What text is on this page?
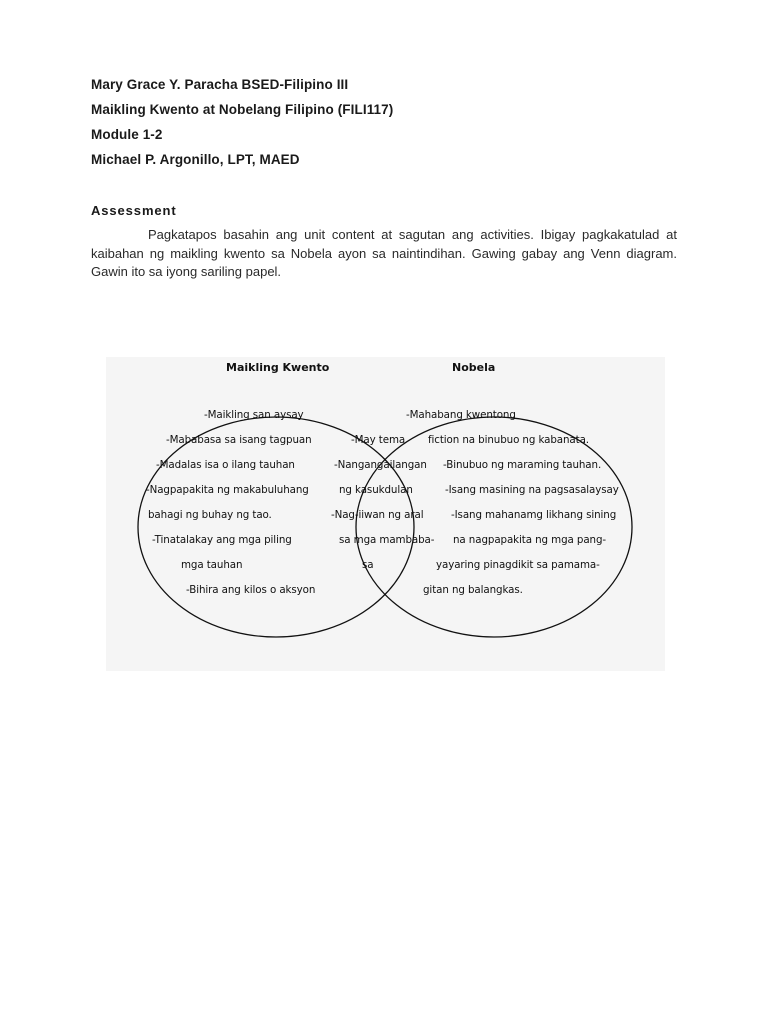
Mary Grace Y. Paracha BSED-Filipino III
Maikling Kwento at Nobelang Filipino (FILI117)
Module 1-2
Michael P. Argonillo, LPT, MAED
Assessment
Pagkatapos basahin ang unit content at sagutan ang activities. Ibigay pagkakatulad at kaibahan ng maikling kwento sa Nobela ayon sa naintindihan. Gawing gabay ang Venn diagram. Gawin ito sa iyong sariling papel.
Maikling Kwento	Nobela
-Maikling san aysay
-Mababasa sa isang tagpuan
-Madalas isa o ilang tauhan
-Nagpapakita ng makabuluhang
bahagi ng buhay ng tao.
-Tinatalakay ang mga piling
mga tauhan
-Bihira ang kilos o aksyon
-May tema
-Nangangailangan
ng kasukdulan
-Nag-iiwan ng aral
sa mga mambaba-
sa
-Mahabang kwentong
fiction na binubuo ng kabanata.
-Binubuo ng maraming tauhan.
-Isang masining na pagsasalaysay
-Isang mahanamg likhang sining
na nagpapakita ng mga pang-
yayaring pinagdikit sa pamama-
gitan ng balangkas.
